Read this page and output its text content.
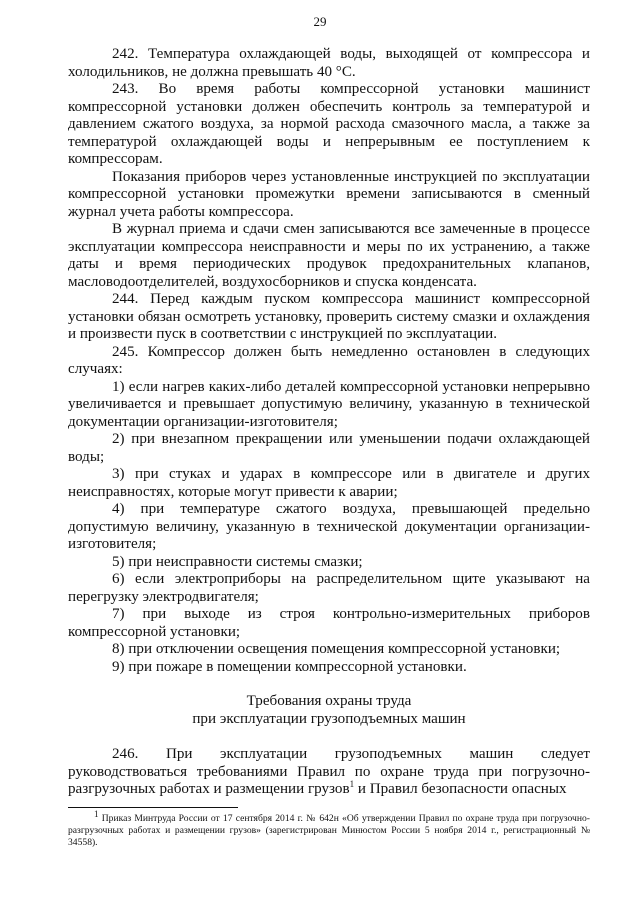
29

242. Температура охлаждающей воды, выходящей от компрессора и холодильников, не должна превышать 40 °С.

243. Во время работы компрессорной установки машинист компрессорной установки должен обеспечить контроль за температурой и давлением сжатого воздуха, за нормой расхода смазочного масла, а также за температурой охлаждающей воды и непрерывным ее поступлением к компрессорам.

Показания приборов через установленные инструкцией по эксплуатации компрессорной установки промежутки времени записываются в сменный журнал учета работы компрессора.

В журнал приема и сдачи смен записываются все замеченные в процессе эксплуатации компрессора неисправности и меры по их устранению, а также даты и время периодических продувок предохранительных клапанов, масловодоотделителей, воздухосборников и спуска конденсата.

244. Перед каждым пуском компрессора машинист компрессорной установки обязан осмотреть установку, проверить систему смазки и охлаждения и произвести пуск в соответствии с инструкцией по эксплуатации.

245. Компрессор должен быть немедленно остановлен в следующих случаях:

1) если нагрев каких-либо деталей компрессорной установки непрерывно увеличивается и превышает допустимую величину, указанную в технической документации организации-изготовителя;

2) при внезапном прекращении или уменьшении подачи охлаждающей воды;

3) при стуках и ударах в компрессоре или в двигателе и других неисправностях, которые могут привести к аварии;

4) при температуре сжатого воздуха, превышающей предельно допустимую величину, указанную в технической документации организации-изготовителя;

5) при неисправности системы смазки;

6) если электроприборы на распределительном щите указывают на перегрузку электродвигателя;

7) при выходе из строя контрольно-измерительных приборов компрессорной установки;

8) при отключении освещения помещения компрессорной установки;

9) при пожаре в помещении компрессорной установки.

Требования охраны труда
при эксплуатации грузоподъемных машин

246. При эксплуатации грузоподъемных машин следует руководствоваться требованиями Правил по охране труда при погрузочно-разгрузочных работах и размещении грузов$^1$ и Правил безопасности опасных

$^1$ Приказ Минтруда России от 17 сентября 2014 г. № 642н «Об утверждении Правил по охране труда при погрузочно-разгрузочных работах и размещении грузов» (зарегистрирован Минюстом России 5 ноября 2014 г., регистрационный № 34558).
